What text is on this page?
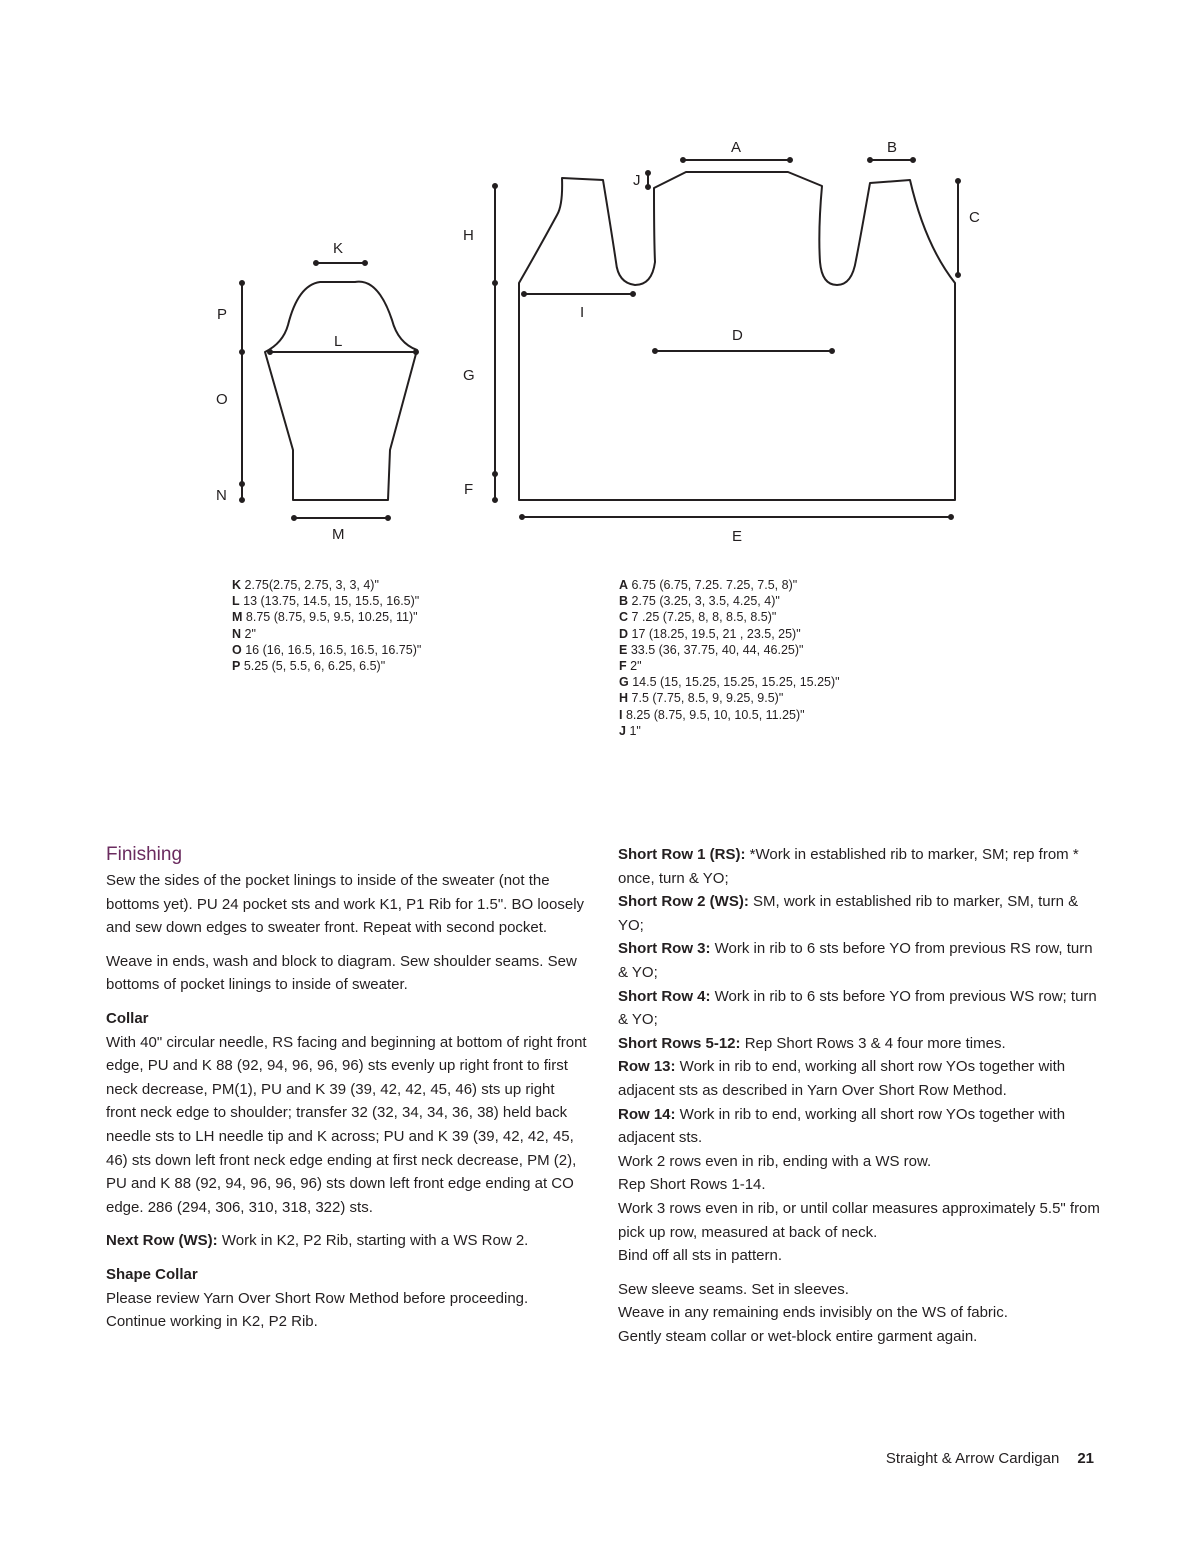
K
L
M
N
O
P
A	B
C
D
E
F
G
H
I
J
K 2.75(2.75, 2.75, 3, 3, 4)"
L 13 (13.75, 14.5, 15, 15.5, 16.5)"
M 8.75 (8.75, 9.5, 9.5, 10.25, 11)"
N 2"
O 16 (16, 16.5, 16.5, 16.5, 16.75)"
P 5.25 (5, 5.5, 6, 6.25, 6.5)"
A 6.75 (6.75, 7.25. 7.25, 7.5, 8)"
B 2.75 (3.25, 3, 3.5, 4.25, 4)"
C 7 .25 (7.25, 8, 8, 8.5, 8.5)"
D 17 (18.25, 19.5, 21 , 23.5, 25)"
E 33.5 (36, 37.75, 40, 44, 46.25)"
F 2"
G 14.5 (15, 15.25, 15.25, 15.25, 15.25)"
H 7.5 (7.75, 8.5, 9, 9.25, 9.5)"
I 8.25 (8.75, 9.5, 10, 10.5, 11.25)"
J 1"
Finishing

Sew the sides of the pocket linings to inside of the sweater (not the bottoms yet). PU 24 pocket sts and work K1, P1 Rib for 1.5". BO loosely and sew down edges to sweater front. Repeat with second pocket.

Weave in ends, wash and block to diagram. Sew shoulder seams. Sew bottoms of pocket linings to inside of sweater.

Collar

With 40" circular needle, RS facing and beginning at bottom of right front edge, PU and K 88 (92, 94, 96, 96, 96) sts evenly up right front to first neck decrease, PM(1), PU and K 39 (39, 42, 42, 45, 46) sts up right front neck edge to shoulder; transfer 32 (32, 34, 34, 36, 38) held back needle sts to LH needle tip and K across; PU and K 39 (39, 42, 42, 45, 46) sts down left front neck edge ending at first neck decrease, PM (2), PU and K 88 (92, 94, 96, 96, 96) sts down left front edge ending at CO edge. 286 (294, 306, 310, 318, 322) sts.

Next Row (WS): Work in K2, P2 Rib, starting with a WS Row 2.

Shape Collar

Please review Yarn Over Short Row Method before proceeding. Continue working in K2, P2 Rib.

Short Row 1 (RS): *Work in established rib to marker, SM; rep from * once, turn & YO;
Short Row 2 (WS): SM, work in established rib to marker, SM, turn & YO;
Short Row 3: Work in rib to 6 sts before YO from previous RS row, turn & YO;
Short Row 4: Work in rib to 6 sts before YO from previous WS row; turn & YO;
Short Rows 5-12: Rep Short Rows 3 & 4 four more times.
Row 13: Work in rib to end, working all short row YOs together with adjacent sts as described in Yarn Over Short Row Method.
Row 14: Work in rib to end, working all short row YOs together with adjacent sts.
Work 2 rows even in rib, ending with a WS row.
Rep Short Rows 1-14.
Work 3 rows even in rib, or until collar measures approximately 5.5" from pick up row, measured at back of neck.
Bind off all sts in pattern.
Sew sleeve seams. Set in sleeves.
Weave in any remaining ends invisibly on the WS of fabric.
Gently steam collar or wet-block entire garment again.
Straight & Arrow Cardigan 21
